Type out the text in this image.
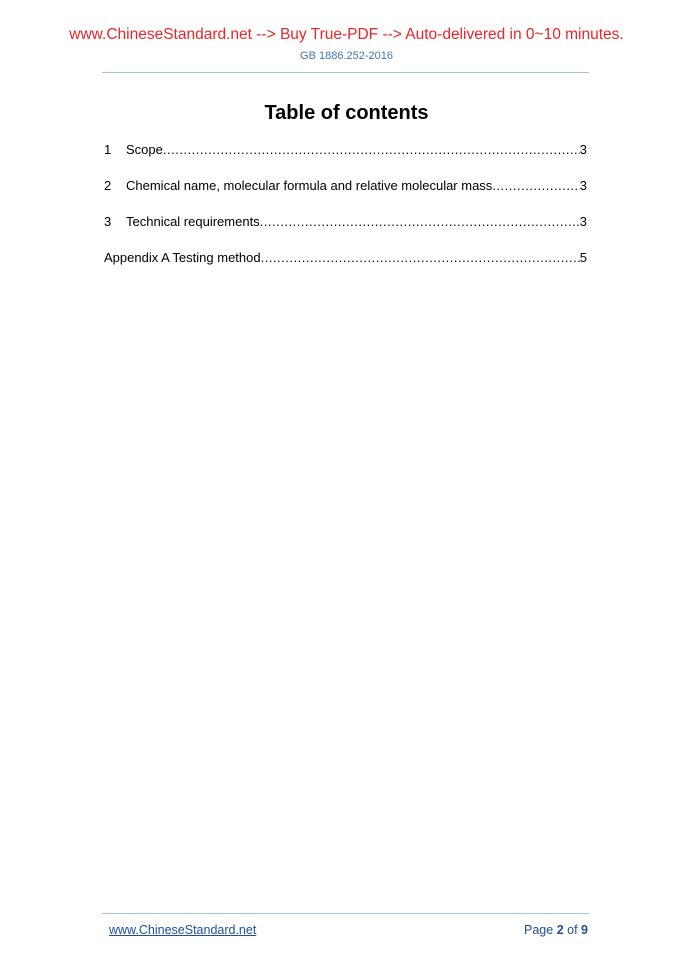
www.ChineseStandard.net --> Buy True-PDF --> Auto-delivered in 0~10 minutes.
GB 1886.252-2016
Table of contents
1	Scope .....	3
2	Chemical name, molecular formula and relative molecular mass .....	3
3	Technical requirements .....	3
Appendix A Testing method .....	5
www.ChineseStandard.net	Page 2 of 9
